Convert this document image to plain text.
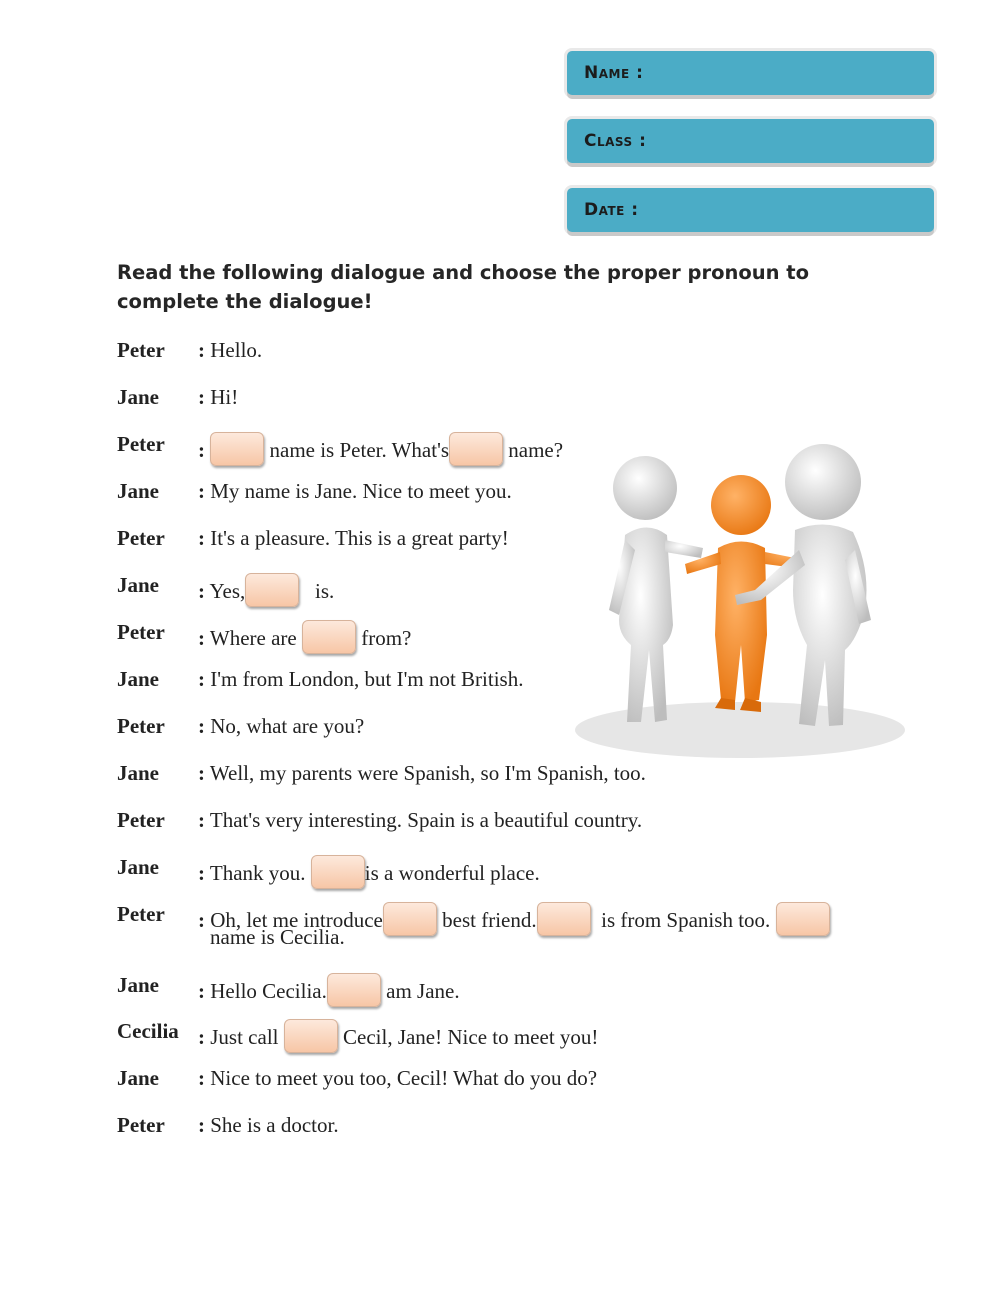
Name :
Class :
Date :
Read the following dialogue and choose the proper pronoun to complete the dialogue!
Peter : Hello.
Jane : Hi!
Peter :	name is Peter. What's	name?
Jane : My name is Jane. Nice to meet you.
Peter : It's a pleasure. This is a great party!
Jane : Yes,	is.
Peter : Where are	from?
Jane : I'm from London, but I'm not British.
Peter : No, what are you?
Jane : Well, my parents were Spanish, so I'm Spanish, too.
Peter : That's very interesting. Spain is a beautiful country.
Jane : Thank you.	is a wonderful place.
Peter : Oh, let me introduce	best friend.	is from Spanish too.
name is Cecilia.
Jane : Hello Cecilia.	am Jane.
Cecilia : Just call	Cecil, Jane! Nice to meet you!
Jane : Nice to meet you too, Cecil! What do you do?
Peter : She is a doctor.
